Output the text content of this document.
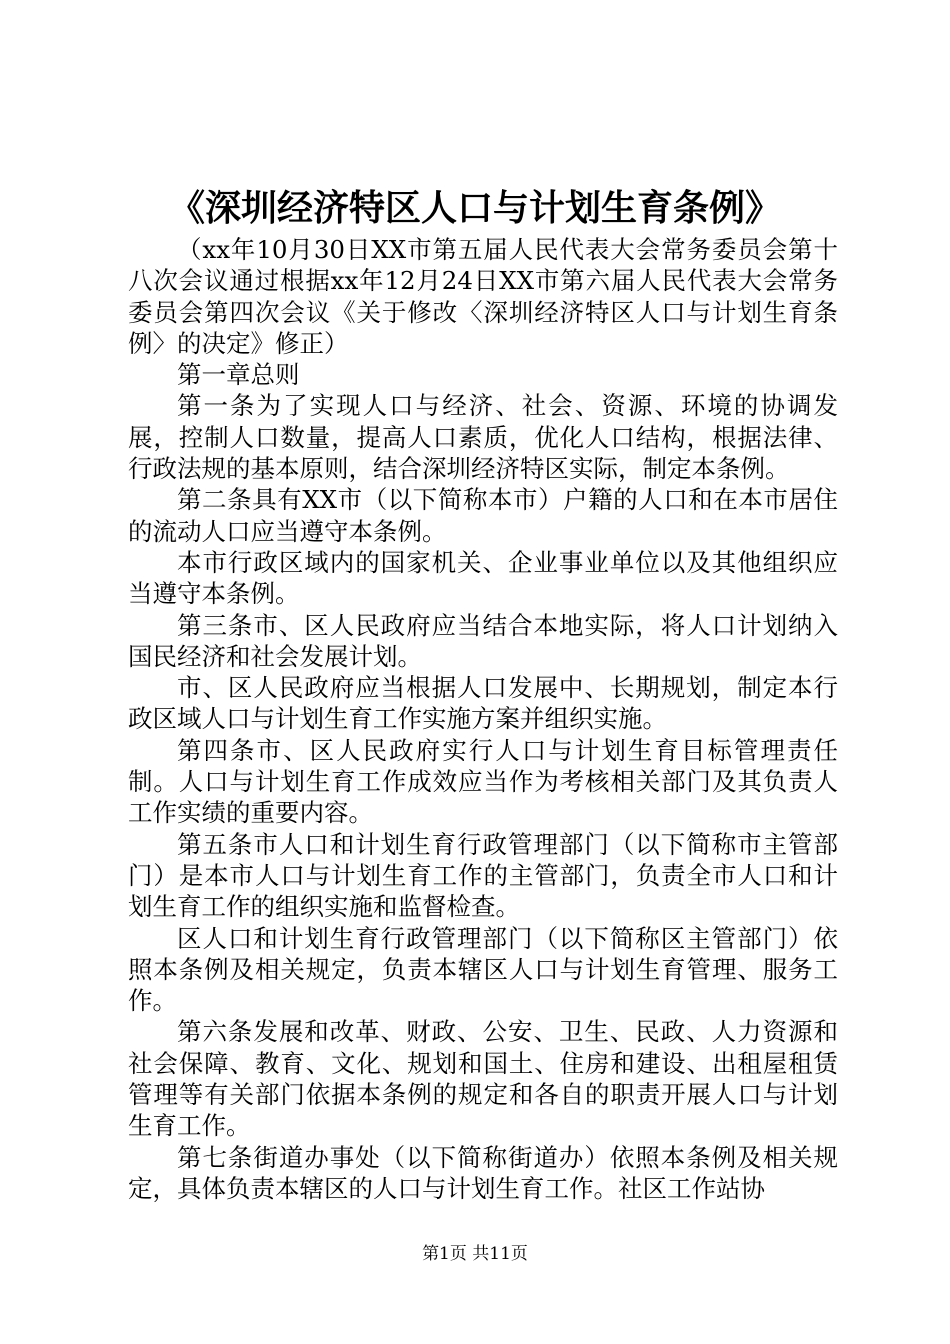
《深圳经济特区人口与计划生育条例》

（xx年10月30日XX市第五届人民代表大会常务委员会第十八次会议通过根据xx年12月24日XX市第六届人民代表大会常务委员会第四次会议《关于修改〈深圳经济特区人口与计划生育条例〉的决定》修正）

第一章总则

第一条为了实现人口与经济、社会、资源、环境的协调发展，控制人口数量，提高人口素质，优化人口结构，根据法律、行政法规的基本原则，结合深圳经济特区实际，制定本条例。

第二条具有XX市（以下简称本市）户籍的人口和在本市居住的流动人口应当遵守本条例。

本市行政区域内的国家机关、企业事业单位以及其他组织应当遵守本条例。

第三条市、区人民政府应当结合本地实际，将人口计划纳入国民经济和社会发展计划。

市、区人民政府应当根据人口发展中、长期规划，制定本行政区域人口与计划生育工作实施方案并组织实施。

第四条市、区人民政府实行人口与计划生育目标管理责任制。人口与计划生育工作成效应当作为考核相关部门及其负责人工作实绩的重要内容。

第五条市人口和计划生育行政管理部门（以下简称市主管部门）是本市人口与计划生育工作的主管部门，负责全市人口和计划生育工作的组织实施和监督检查。

区人口和计划生育行政管理部门（以下简称区主管部门）依照本条例及相关规定，负责本辖区人口与计划生育管理、服务工作。

第六条发展和改革、财政、公安、卫生、民政、人力资源和社会保障、教育、文化、规划和国土、住房和建设、出租屋租赁管理等有关部门依据本条例的规定和各自的职责开展人口与计划生育工作。

第七条街道办事处（以下简称街道办）依照本条例及相关规定，具体负责本辖区的人口与计划生育工作。社区工作站协

第1页 共11页
